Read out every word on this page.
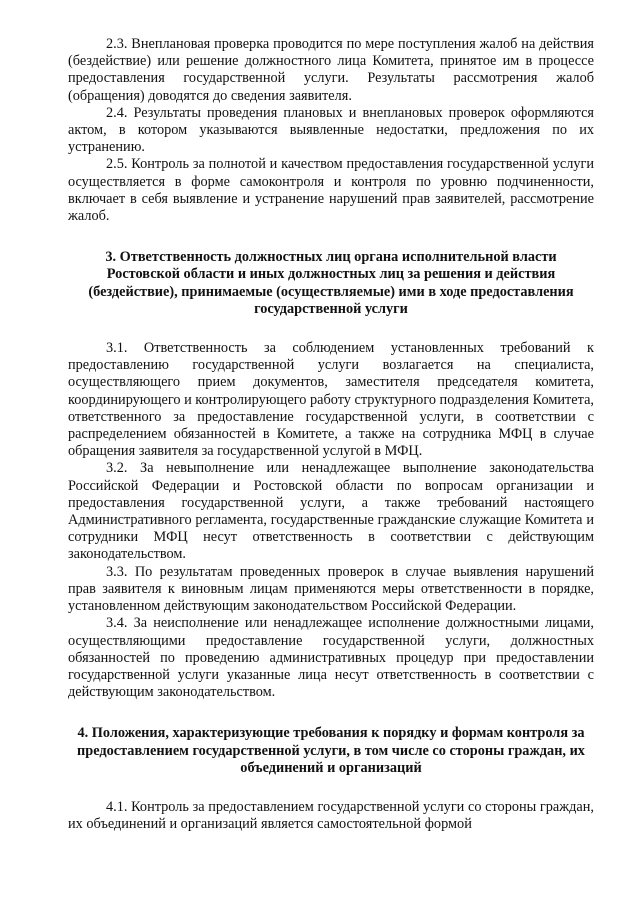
2.3. Внеплановая проверка проводится по мере поступления жалоб на действия (бездействие) или решение должностного лица Комитета, принятое им в процессе предоставления государственной услуги. Результаты рассмотрения жалоб (обращения) доводятся до сведения заявителя.

2.4. Результаты проведения плановых и внеплановых проверок оформляются актом, в котором указываются выявленные недостатки, предложения по их устранению.

2.5. Контроль за полнотой и качеством предоставления государственной услуги осуществляется в форме самоконтроля и контроля по уровню подчиненности, включает в себя выявление и устранение нарушений прав заявителей, рассмотрение жалоб.

3. Ответственность должностных лиц органа исполнительной власти Ростовской области и иных должностных лиц за решения и действия (бездействие), принимаемые (осуществляемые) ими в ходе предоставления государственной услуги

3.1. Ответственность за соблюдением установленных требований к предоставлению государственной услуги возлагается на специалиста, осуществляющего прием документов, заместителя председателя комитета, координирующего и контролирующего работу структурного подразделения Комитета, ответственного за предоставление государственной услуги, в соответствии с распределением обязанностей в Комитете, а также на сотрудника МФЦ в случае обращения заявителя за государственной услугой в МФЦ.

3.2. За невыполнение или ненадлежащее выполнение законодательства Российской Федерации и Ростовской области по вопросам организации и предоставления государственной услуги, а также требований настоящего Административного регламента, государственные гражданские служащие Комитета и сотрудники МФЦ несут ответственность в соответствии с действующим законодательством.

3.3. По результатам проведенных проверок в случае выявления нарушений прав заявителя к виновным лицам применяются меры ответственности в порядке, установленном действующим законодательством Российской Федерации.

3.4. За неисполнение или ненадлежащее исполнение должностными лицами, осуществляющими предоставление государственной услуги, должностных обязанностей по проведению административных процедур при предоставлении государственной услуги указанные лица несут ответственность в соответствии с действующим законодательством.

4. Положения, характеризующие требования к порядку и формам контроля за предоставлением государственной услуги, в том числе со стороны граждан, их объединений и организаций

4.1. Контроль за предоставлением государственной услуги со стороны граждан, их объединений и организаций является самостоятельной формой
